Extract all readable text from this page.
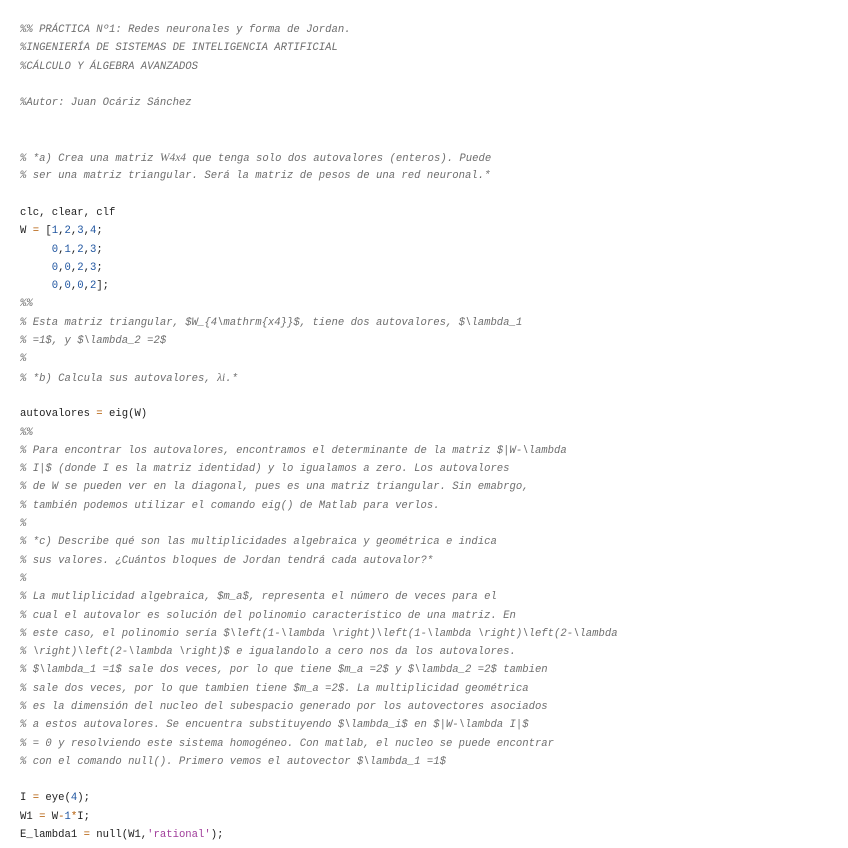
%% PRÁCTICA Nº1: Redes neuronales y forma de Jordan.
%INGENIERÍA DE SISTEMAS DE INTELIGENCIA ARTIFICIAL
%CÁLCULO Y ÁLGEBRA AVANZADOS
%Autor: Juan Ocáriz Sánchez
% *a) Crea una matriz W4x4 que tenga solo dos autovalores (enteros). Puede
% ser una matriz triangular. Será la matriz de pesos de una red neuronal.*
clc, clear, clf
W = [1,2,3,4;
0,1,2,3;
0,0,2,3;
0,0,0,2];
%%
% Esta matriz triangular, $W_{4\mathrm{x4}}$, tiene dos autovalores, $\lambda_1
% =1$, y $\lambda_2 =2$
%
% *b) Calcula sus autovalores, λi.*
autovalores = eig(W)
%%
% Para encontrar los autovalores, encontramos el determinante de la matriz $|W-\lambda
% I|$ (donde I es la matriz identidad) y lo igualamos a zero. Los autovalores
% de W se pueden ver en la diagonal, pues es una matriz triangular. Sin emabrgo,
% también podemos utilizar el comando eig() de Matlab para verlos.
%
% *c) Describe qué son las multiplicidades algebraica y geométrica e indica
% sus valores. ¿Cuántos bloques de Jordan tendrá cada autovalor?*
%
% La mutliplicidad algebraica, $m_a$, representa el número de veces para el
% cual el autovalor es solución del polinomio característico de una matriz. En
% este caso, el polinomio sería $\left(1-\lambda \right)\left(1-\lambda \right)\left(2-\lambda
% \right)\left(2-\lambda \right)$ e igualandolo a cero nos da los autovalores.
% $\lambda_1 =1$ sale dos veces, por lo que tiene $m_a =2$ y $\lambda_2 =2$ tambien
% sale dos veces, por lo que tambien tiene $m_a =2$. La multiplicidad geométrica
% es la dimensión del nucleo del subespacio generado por los autovectores asociados
% a estos autovalores. Se encuentra substituyendo $\lambda_i$ en $|W-\lambda I|$
% = 0 y resolviendo este sistema homogéneo. Con matlab, el nucleo se puede encontrar
% con el comando null(). Primero vemos el autovector $\lambda_1 =1$
I = eye(4);
W1 = W-1*I;
E_lambda1 = null(W1,'rational');
